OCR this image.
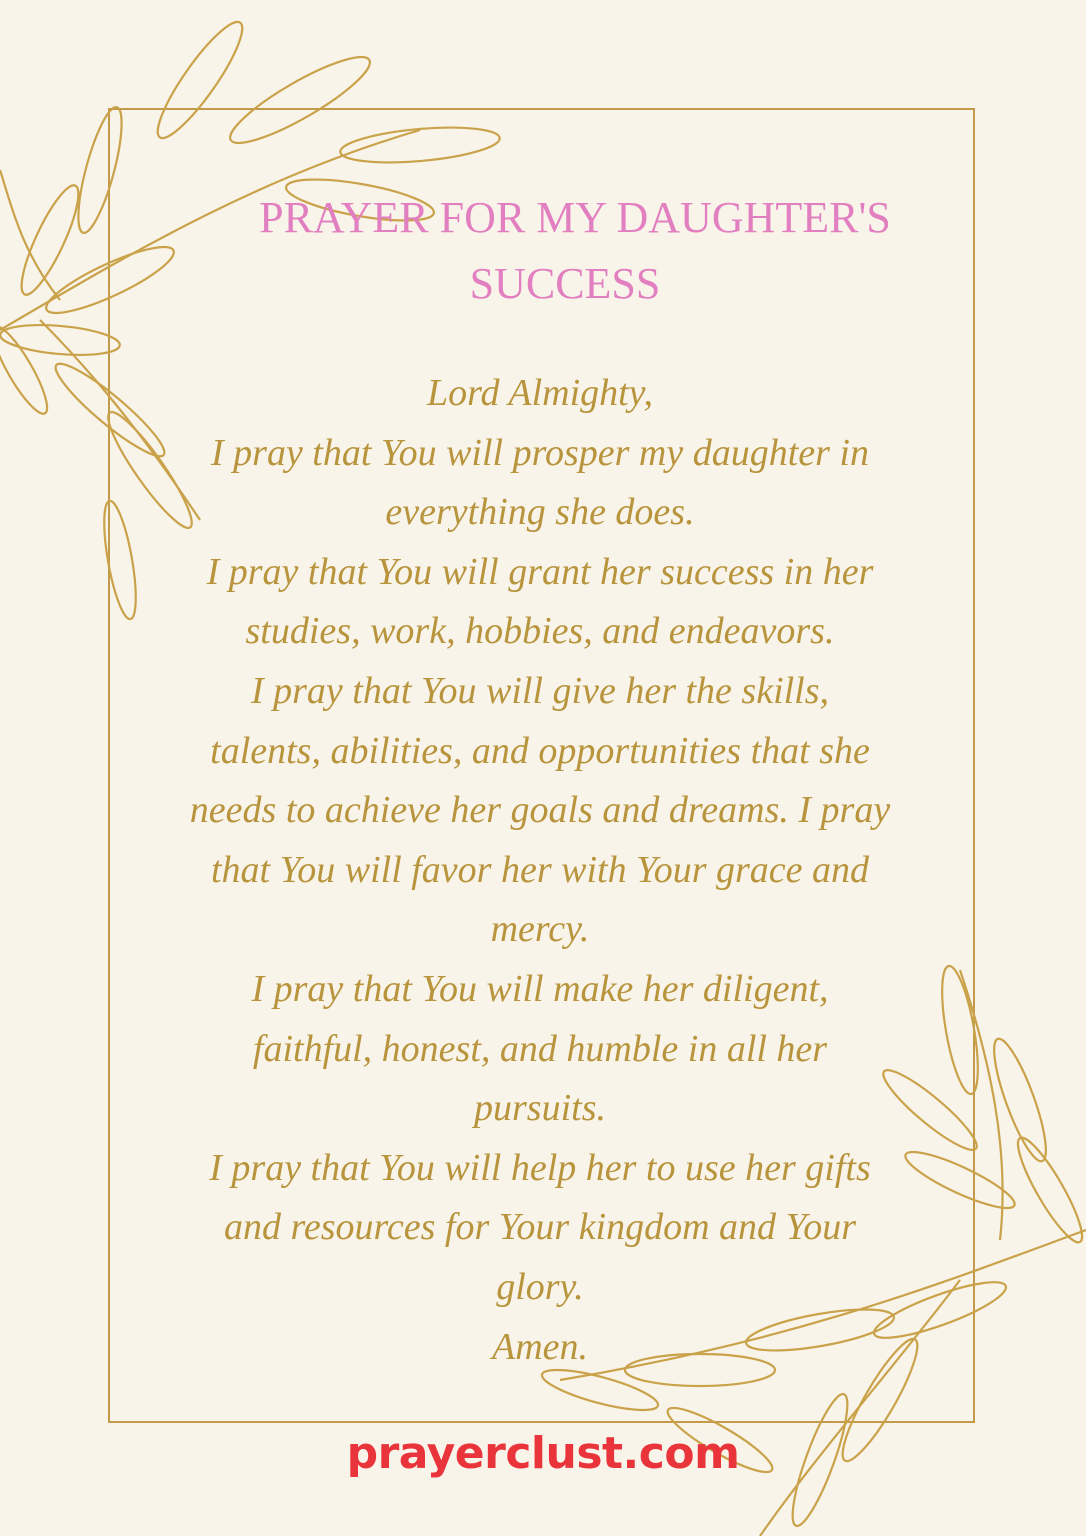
PRAYER FOR MY DAUGHTER'S
SUCCESS
Lord Almighty,
I pray that You will prosper my daughter in
everything she does.
I pray that You will grant her success in her
studies, work, hobbies, and endeavors.
I pray that You will give her the skills,
talents, abilities, and opportunities that she
needs to achieve her goals and dreams. I pray
that You will favor her with Your grace and
mercy.
I pray that You will make her diligent,
faithful, honest, and humble in all her
pursuits.
I pray that You will help her to use her gifts
and resources for Your kingdom and Your
glory.
Amen.
prayerclust.com
